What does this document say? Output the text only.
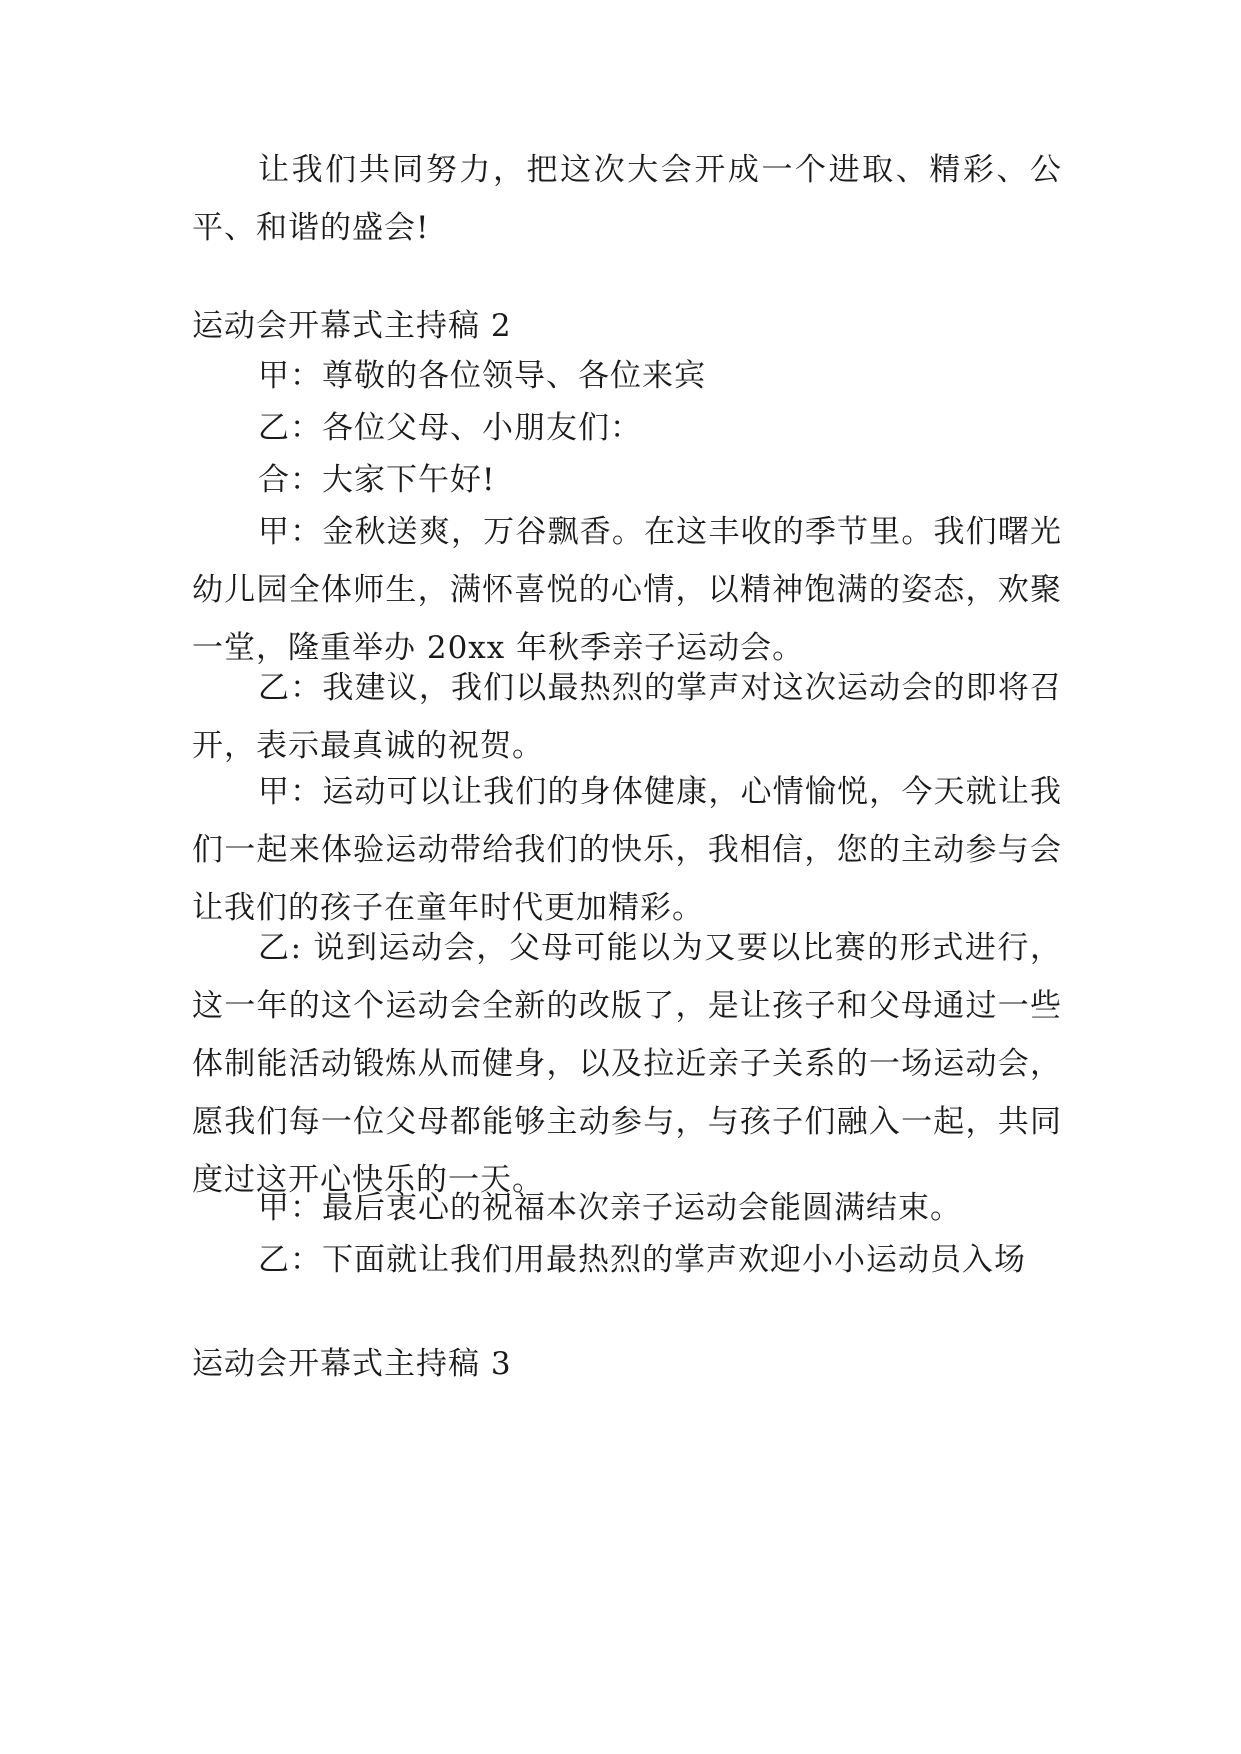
让我们共同努力，把这次大会开成一个进取、精彩、公平、和谐的盛会!

运动会开幕式主持稿 2

甲：尊敬的各位领导、各位来宾

乙：各位父母、小朋友们：

合：大家下午好!

甲：金秋送爽，万谷飘香。在这丰收的季节里。我们曙光幼儿园全体师生，满怀喜悦的心情，以精神饱满的姿态，欢聚一堂，隆重举办 20xx 年秋季亲子运动会。

乙：我建议，我们以最热烈的掌声对这次运动会的即将召开，表示最真诚的祝贺。

甲：运动可以让我们的身体健康，心情愉悦，今天就让我们一起来体验运动带给我们的快乐，我相信，您的主动参与会让我们的孩子在童年时代更加精彩。

乙: 说到运动会，父母可能以为又要以比赛的形式进行，这一年的这个运动会全新的改版了，是让孩子和父母通过一些体制能活动锻炼从而健身，以及拉近亲子关系的一场运动会，愿我们每一位父母都能够主动参与，与孩子们融入一起，共同度过这开心快乐的一天。

甲：最后衷心的祝福本次亲子运动会能圆满结束。

乙：下面就让我们用最热烈的掌声欢迎小小运动员入场

运动会开幕式主持稿 3
